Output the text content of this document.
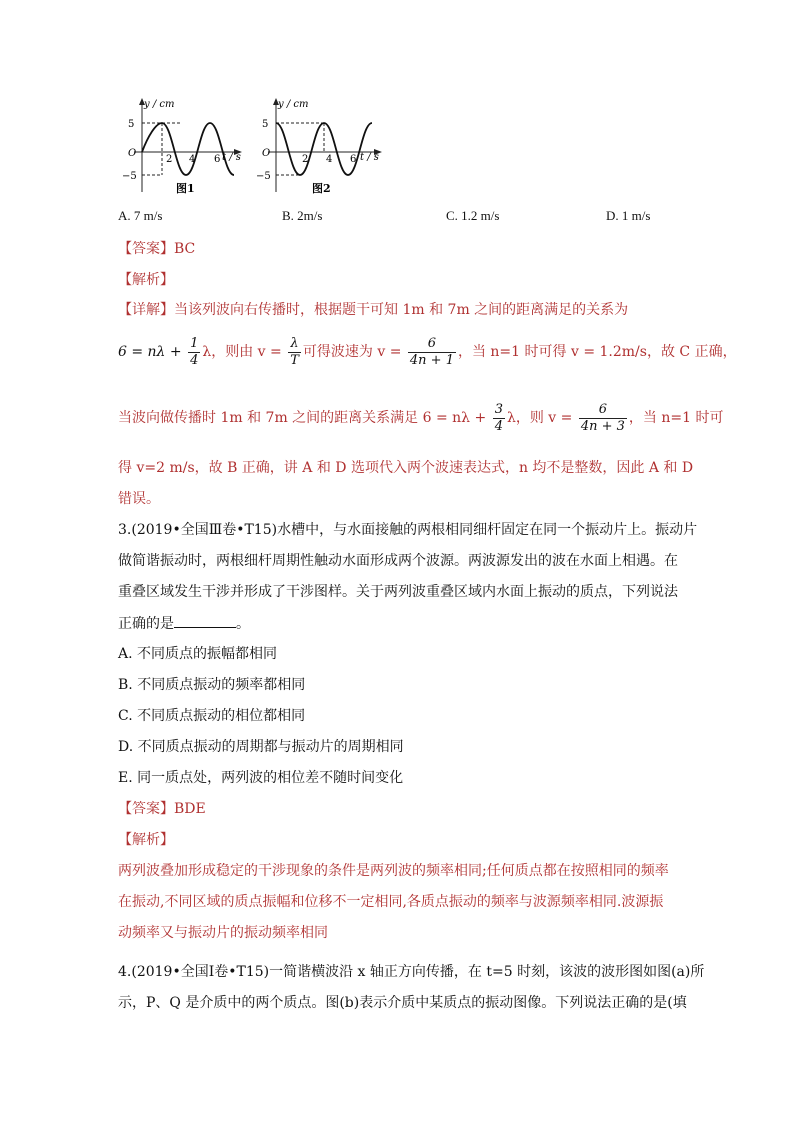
y / cm
5
O
−5
2 4 6 t / s
图1
y / cm
5
O
−5
2 4 6 t / s
图2
A. 7 m/s	B. 2m/s	C. 1.2 m/s	D. 1 m/s
【答案】BC
【解析】
【详解】当该列波向右传播时，根据题干可知 1m 和 7m 之间的距离满足的关系为
$6 = n\lambda + \frac{1}{4}$ λ，则由 $v = \frac{\lambda}{T}$ 可得波速为 $v = \frac{6}{4n + 1}$ ，当 n=1 时可得 v = 1.2m/s，故 C 正确，
当波向做传播时 1m 和 7m 之间的距离关系满足 $6 = n\lambda + \frac{3}{4}$ λ，则 $v = \frac{6}{4n + 3}$ ，当 n=1 时可
得 v=2 m/s，故 B 正确，讲 A 和 D 选项代入两个波速表达式，n 均不是整数，因此 A 和 D
错误。
3.(2019•全国Ⅲ卷•T15)水槽中，与水面接触的两根相同细杆固定在同一个振动片上。振动片
做简谐振动时，两根细杆周期性触动水面形成两个波源。两波源发出的波在水面上相遇。在
重叠区域发生干涉并形成了干涉图样。关于两列波重叠区域内水面上振动的质点，下列说法
正确的是	。
A. 不同质点的振幅都相同
B. 不同质点振动的频率都相同
C. 不同质点振动的相位都相同
D. 不同质点振动的周期都与振动片的周期相同
E. 同一质点处，两列波的相位差不随时间变化
【答案】BDE
【解析】
两列波叠加形成稳定的干涉现象的条件是两列波的频率相同;任何质点都在按照相同的频率
在振动,不同区域的质点振幅和位移不一定相同,各质点振动的频率与波源频率相同.波源振
动频率又与振动片的振动频率相同
4.(2019•全国Ⅰ卷•T15)一简谐横波沿 x 轴正方向传播，在 t=5 时刻，该波的波形图如图(a)所
示，P、Q 是介质中的两个质点。图(b)表示介质中某质点的振动图像。下列说法正确的是(填
